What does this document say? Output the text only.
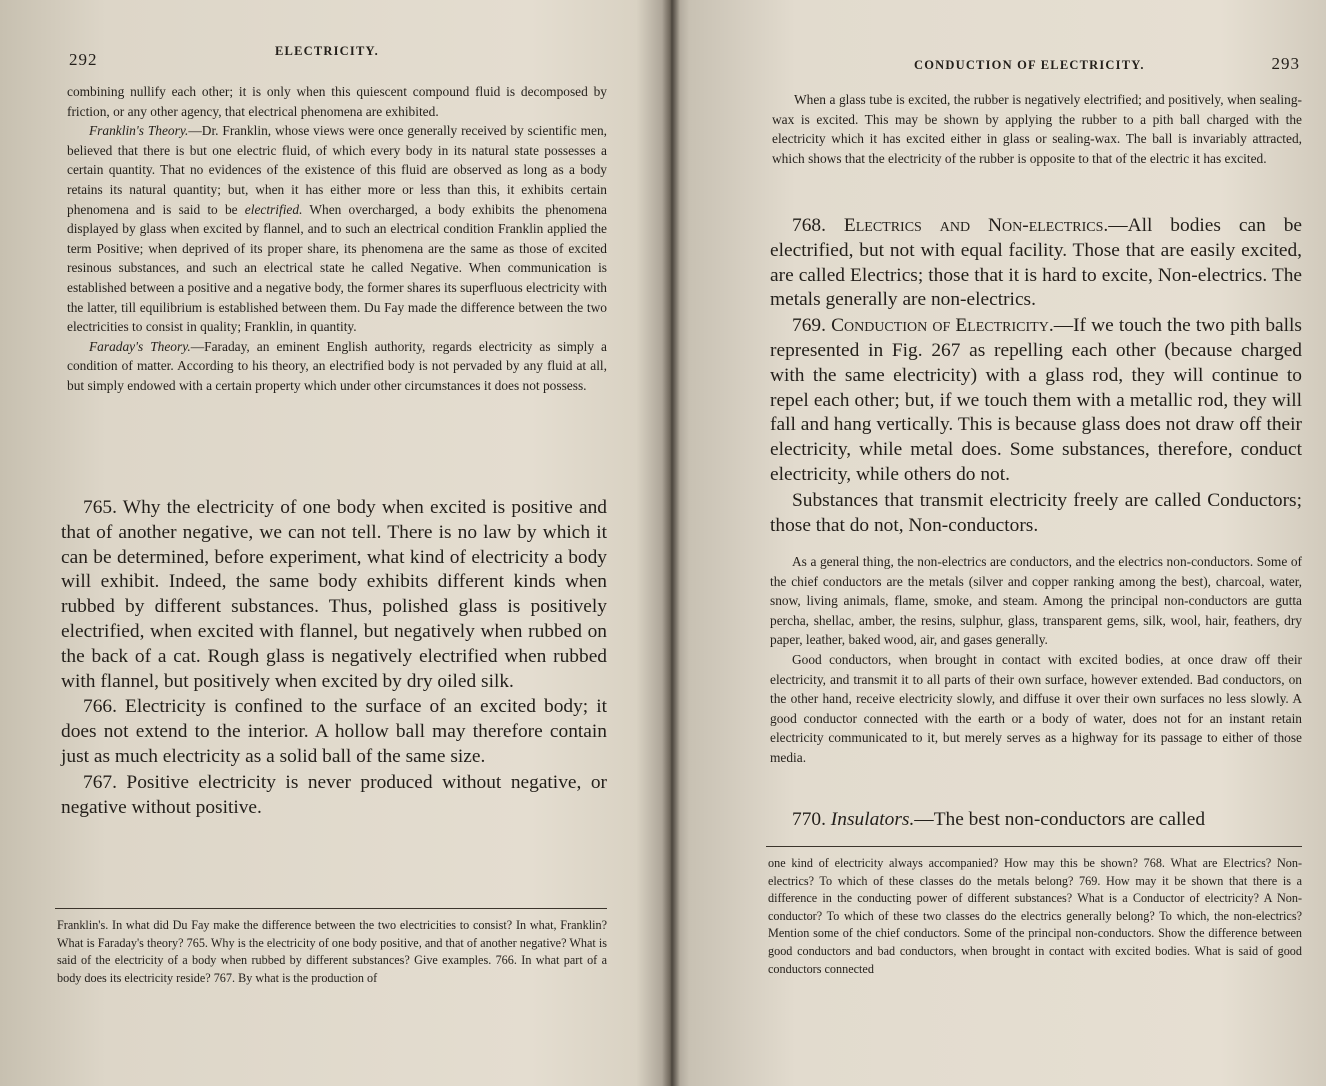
292	ELECTRICITY.

combining nullify each other; it is only when this quiescent compound fluid is decomposed by friction, or any other agency, that electrical phenomena are exhibited.

Franklin's Theory.—Dr. Franklin, whose views were once generally received by scientific men, believed that there is but one electric fluid, of which every body in its natural state possesses a certain quantity. That no evidences of the existence of this fluid are observed as long as a body retains its natural quantity; but, when it has either more or less than this, it exhibits certain phenomena and is said to be electrified. When overcharged, a body exhibits the phenomena displayed by glass when excited by flannel, and to such an electrical condition Franklin applied the term Positive; when deprived of its proper share, its phenomena are the same as those of excited resinous substances, and such an electrical state he called Negative. When communication is established between a positive and a negative body, the former shares its superfluous electricity with the latter, till equilibrium is established between them. Du Fay made the difference between the two electricities to consist in quality; Franklin, in quantity.

Faraday's Theory.—Faraday, an eminent English authority, regards electricity as simply a condition of matter. According to his theory, an electrified body is not pervaded by any fluid at all, but simply endowed with a certain property which under other circumstances it does not possess.

765. Why the electricity of one body when excited is positive and that of another negative, we can not tell. There is no law by which it can be determined, before experiment, what kind of electricity a body will exhibit. Indeed, the same body exhibits different kinds when rubbed by different substances. Thus, polished glass is positively electrified, when excited with flannel, but negatively when rubbed on the back of a cat. Rough glass is negatively electrified when rubbed with flannel, but positively when excited by dry oiled silk.

766. Electricity is confined to the surface of an excited body; it does not extend to the interior. A hollow ball may therefore contain just as much electricity as a solid ball of the same size.

767. Positive electricity is never produced without negative, or negative without positive.

Franklin's. In what did Du Fay make the difference between the two electricities to consist? In what, Franklin? What is Faraday's theory? 765. Why is the electricity of one body positive, and that of another negative? What is said of the electricity of a body when rubbed by different substances? Give examples. 766. In what part of a body does its electricity reside? 767. By what is the production of
CONDUCTION OF ELECTRICITY.	293

When a glass tube is excited, the rubber is negatively electrified; and positively, when sealing-wax is excited. This may be shown by applying the rubber to a pith ball charged with the electricity which it has excited either in glass or sealing-wax. The ball is invariably attracted, which shows that the electricity of the rubber is opposite to that of the electric it has excited.

768. Electrics and Non-electrics.—All bodies can be electrified, but not with equal facility. Those that are easily excited, are called Electrics; those that it is hard to excite, Non-electrics. The metals generally are non-electrics.

769. Conduction of Electricity.—If we touch the two pith balls represented in Fig. 267 as repelling each other (because charged with the same electricity) with a glass rod, they will continue to repel each other; but, if we touch them with a metallic rod, they will fall and hang vertically. This is because glass does not draw off their electricity, while metal does. Some substances, therefore, conduct electricity, while others do not.

Substances that transmit electricity freely are called Conductors; those that do not, Non-conductors.

As a general thing, the non-electrics are conductors, and the electrics non-conductors. Some of the chief conductors are the metals (silver and copper ranking among the best), charcoal, water, snow, living animals, flame, smoke, and steam. Among the principal non-conductors are gutta percha, shellac, amber, the resins, sulphur, glass, transparent gems, silk, wool, hair, feathers, dry paper, leather, baked wood, air, and gases generally.

Good conductors, when brought in contact with excited bodies, at once draw off their electricity, and transmit it to all parts of their own surface, however extended. Bad conductors, on the other hand, receive electricity slowly, and diffuse it over their own surfaces no less slowly. A good conductor connected with the earth or a body of water, does not for an instant retain electricity communicated to it, but merely serves as a highway for its passage to either of those media.

770. Insulators.—The best non-conductors are called

one kind of electricity always accompanied? How may this be shown? 768. What are Electrics? Non-electrics? To which of these classes do the metals belong? 769. How may it be shown that there is a difference in the conducting power of different substances? What is a Conductor of electricity? A Non-conductor? To which of these two classes do the electrics generally belong? To which, the non-electrics? Mention some of the chief conductors. Some of the principal non-conductors. Show the difference between good conductors and bad conductors, when brought in contact with excited bodies. What is said of good conductors connected
